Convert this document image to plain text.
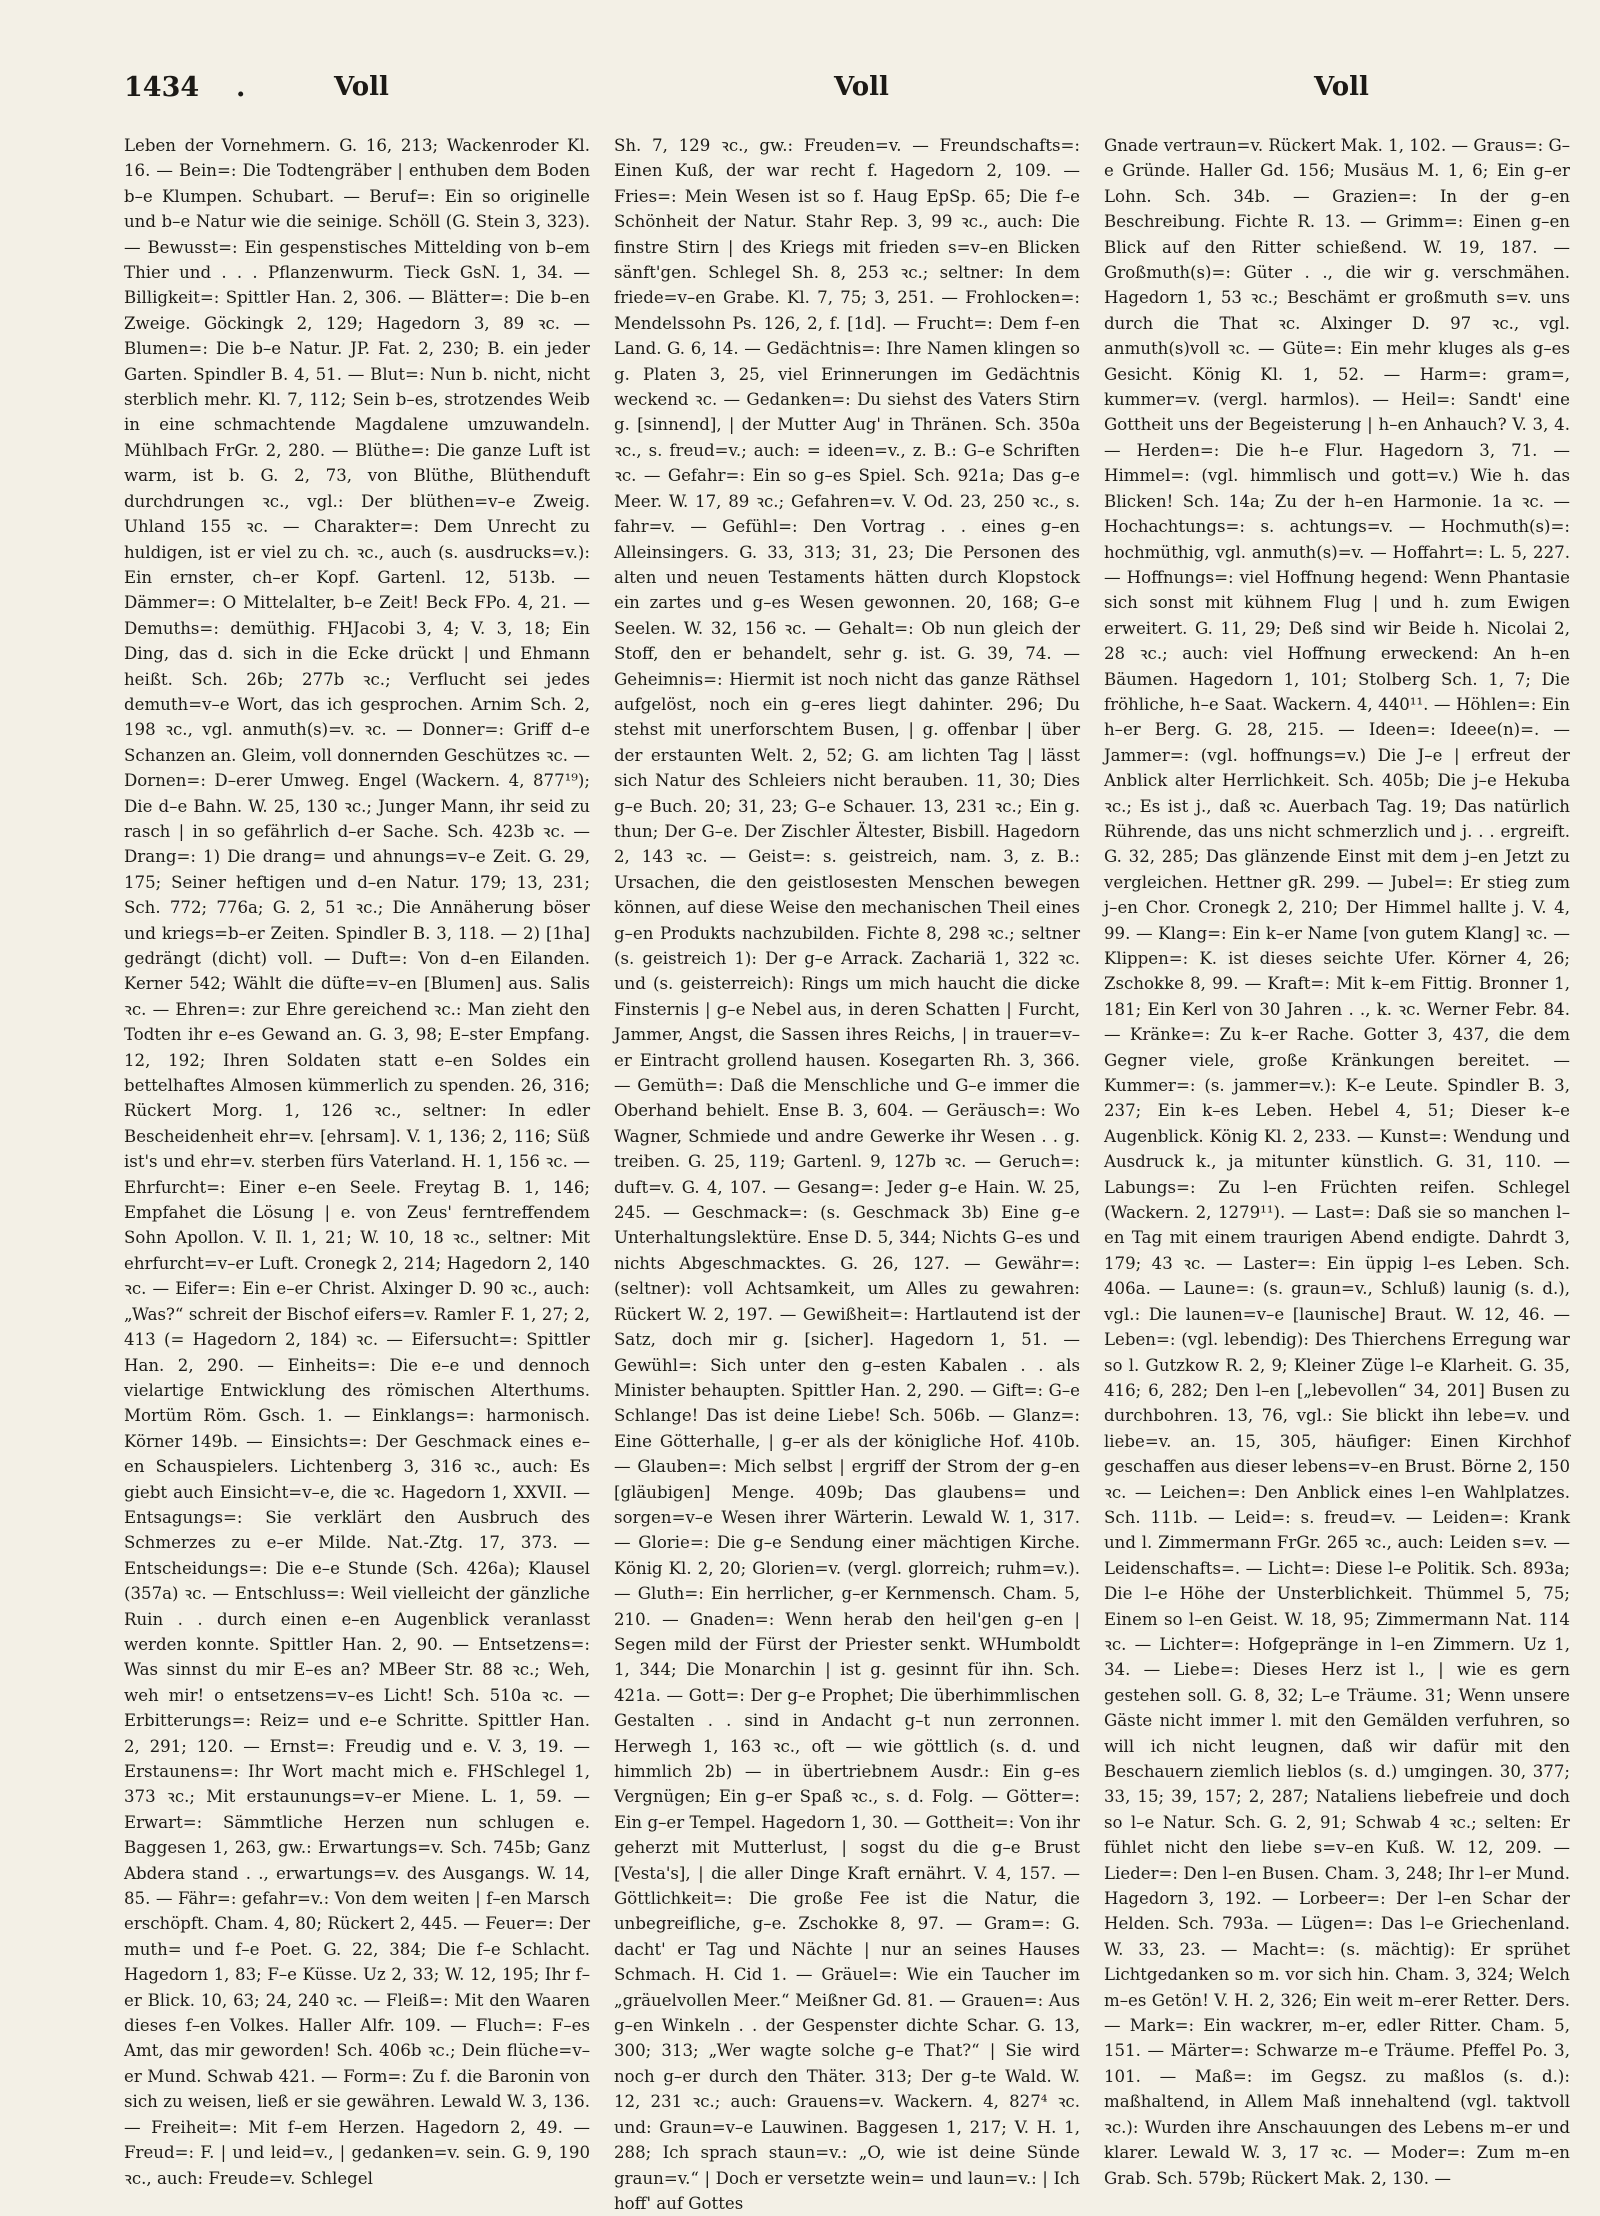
1434 .	Voll	Voll	Voll

Leben der Vornehmern. G. 16, 213; Wackenroder Kl. 16. — Bein=: Die Todtengräber | enthuben dem Boden b–e Klumpen. Schubart. — Beruf=: Ein so originelle und b–e Natur wie die seinige. Schöll (G. Stein 3, 323). — Bewusst=: Ein gespenstisches Mittelding von b–em Thier und . . . Pflanzenwurm. Tieck GsN. 1, 34. — Billigkeit=: Spittler Han. 2, 306. — Blätter=: Die b–en Zweige. Göckingk 2, 129; Hagedorn 3, 89 ꝛc. — Blumen=: Die b–e Natur. JP. Fat. 2, 230; B. ein jeder Garten. Spindler B. 4, 51. — Blut=: Nun b. nicht, nicht sterblich mehr. Kl. 7, 112; Sein b–es, strotzendes Weib in eine schmachtende Magdalene umzuwandeln. Mühlbach FrGr. 2, 280. — Blüthe=: Die ganze Luft ist warm, ist b. G. 2, 73, von Blüthe, Blüthenduft durchdrungen ꝛc., vgl.: Der blüthen=v–e Zweig. Uhland 155 ꝛc. — Charakter=: Dem Unrecht zu huldigen, ist er viel zu ch. ꝛc., auch (s. ausdrucks=v.): Ein ernster, ch–er Kopf. Gartenl. 12, 513b. — Dämmer=: O Mittelalter, b–e Zeit! Beck FPo. 4, 21. — Demuths=: demüthig. FHJacobi 3, 4; V. 3, 18; Ein Ding, das d. sich in die Ecke drückt | und Ehmann heißt. Sch. 26b; 277b ꝛc.; Verflucht sei jedes demuth=v–e Wort, das ich gesprochen. Arnim Sch. 2, 198 ꝛc., vgl. anmuth(s)=v. ꝛc. — Donner=: Griff d–e Schanzen an. Gleim, voll donnernden Geschützes ꝛc. — Dornen=: D–erer Umweg. Engel (Wackern. 4, 877¹⁹); Die d–e Bahn. W. 25, 130 ꝛc.; Junger Mann, ihr seid zu rasch | in so gefährlich d–er Sache. Sch. 423b ꝛc. — Drang=: 1) Die drang= und ahnungs=v–e Zeit. G. 29, 175; Seiner heftigen und d–en Natur. 179; 13, 231; Sch. 772; 776a; G. 2, 51 ꝛc.; Die Annäherung böser und kriegs=b–er Zeiten. Spindler B. 3, 118. — 2) [1ha] gedrängt (dicht) voll. — Duft=: Von d–en Eilanden. Kerner 542; Wählt die düfte=v–en [Blumen] aus. Salis ꝛc. — Ehren=: zur Ehre gereichend ꝛc.: Man zieht den Todten ihr e–es Gewand an. G. 3, 98; E–ster Empfang. 12, 192; Ihren Soldaten statt e–en Soldes ein bettelhaftes Almosen kümmerlich zu spenden. 26, 316; Rückert Morg. 1, 126 ꝛc., seltner: In edler Bescheidenheit ehr=v. [ehrsam]. V. 1, 136; 2, 116; Süß ist's und ehr=v. sterben fürs Vaterland. H. 1, 156 ꝛc. — Ehrfurcht=: Einer e–en Seele. Freytag B. 1, 146; Empfahet die Lösung | e. von Zeus' ferntreffendem Sohn Apollon. V. Il. 1, 21; W. 10, 18 ꝛc., seltner: Mit ehrfurcht=v–er Luft. Cronegk 2, 214; Hagedorn 2, 140 ꝛc. — Eifer=: Ein e–er Christ. Alxinger D. 90 ꝛc., auch: „Was?“ schreit der Bischof eifers=v. Ramler F. 1, 27; 2, 413 (= Hagedorn 2, 184) ꝛc. — Eifersucht=: Spittler Han. 2, 290. — Einheits=: Die e–e und dennoch vielartige Entwicklung des römischen Alterthums. Mortüm Röm. Gsch. 1. — Einklangs=: harmonisch. Körner 149b. — Einsichts=: Der Geschmack eines e–en Schauspielers. Lichtenberg 3, 316 ꝛc., auch: Es giebt auch Einsicht=v–e, die ꝛc. Hagedorn 1, XXVII. — Entsagungs=: Sie verklärt den Ausbruch des Schmerzes zu e–er Milde. Nat.-Ztg. 17, 373. — Entscheidungs=: Die e–e Stunde (Sch. 426a); Klausel (357a) ꝛc. — Entschluss=: Weil vielleicht der gänzliche Ruin . . durch einen e–en Augenblick veranlasst werden konnte. Spittler Han. 2, 90. — Entsetzens=: Was sinnst du mir E–es an? MBeer Str. 88 ꝛc.; Weh, weh mir! o entsetzens=v–es Licht! Sch. 510a ꝛc. — Erbitterungs=: Reiz= und e–e Schritte. Spittler Han. 2, 291; 120. — Ernst=: Freudig und e. V. 3, 19. — Erstaunens=: Ihr Wort macht mich e. FHSchlegel 1, 373 ꝛc.; Mit erstaunungs=v–er Miene. L. 1, 59. — Erwart=: Sämmtliche Herzen nun schlugen e. Baggesen 1, 263, gw.: Erwartungs=v. Sch. 745b; Ganz Abdera stand . ., erwartungs=v. des Ausgangs. W. 14, 85. — Fähr=: gefahr=v.: Von dem weiten | f–en Marsch erschöpft. Cham. 4, 80; Rückert 2, 445. — Feuer=: Der muth= und f–e Poet. G. 22, 384; Die f–e Schlacht. Hagedorn 1, 83; F–e Küsse. Uz 2, 33; W. 12, 195; Ihr f–er Blick. 10, 63; 24, 240 ꝛc. — Fleiß=: Mit den Waaren dieses f–en Volkes. Haller Alfr. 109. — Fluch=: F–es Amt, das mir geworden! Sch. 406b ꝛc.; Dein flüche=v–er Mund. Schwab 421. — Form=: Zu f. die Baronin von sich zu weisen, ließ er sie gewähren. Lewald W. 3, 136. — Freiheit=: Mit f–em Herzen. Hagedorn 2, 49. — Freud=: F. | und leid=v., | gedanken=v. sein. G. 9, 190 ꝛc., auch: Freude=v. Schlegel

Sh. 7, 129 ꝛc., gw.: Freuden=v. — Freundschafts=: Einen Kuß, der war recht f. Hagedorn 2, 109. — Fries=: Mein Wesen ist so f. Haug EpSp. 65; Die f–e Schönheit der Natur. Stahr Rep. 3, 99 ꝛc., auch: Die finstre Stirn | des Kriegs mit frieden s=v–en Blicken sänft'gen. Schlegel Sh. 8, 253 ꝛc.; seltner: In dem friede=v–en Grabe. Kl. 7, 75; 3, 251. — Frohlocken=: Mendelssohn Ps. 126, 2, f. [1d]. — Frucht=: Dem f–en Land. G. 6, 14. — Gedächtnis=: Ihre Namen klingen so g. Platen 3, 25, viel Erinnerungen im Gedächtnis weckend ꝛc. — Gedanken=: Du siehst des Vaters Stirn g. [sinnend], | der Mutter Aug' in Thränen. Sch. 350a ꝛc., s. freud=v.; auch: = ideen=v., z. B.: G–e Schriften ꝛc. — Gefahr=: Ein so g–es Spiel. Sch. 921a; Das g–e Meer. W. 17, 89 ꝛc.; Gefahren=v. V. Od. 23, 250 ꝛc., s. fahr=v. — Gefühl=: Den Vortrag . . eines g–en Alleinsingers. G. 33, 313; 31, 23; Die Personen des alten und neuen Testaments hätten durch Klopstock ein zartes und g–es Wesen gewonnen. 20, 168; G–e Seelen. W. 32, 156 ꝛc. — Gehalt=: Ob nun gleich der Stoff, den er behandelt, sehr g. ist. G. 39, 74. — Geheimnis=: Hiermit ist noch nicht das ganze Räthsel aufgelöst, noch ein g–eres liegt dahinter. 296; Du stehst mit unerforschtem Busen, | g. offenbar | über der erstaunten Welt. 2, 52; G. am lichten Tag | lässt sich Natur des Schleiers nicht berauben. 11, 30; Dies g–e Buch. 20; 31, 23; G–e Schauer. 13, 231 ꝛc.; Ein g. thun; Der G–e. Der Zischler Ältester, Bisbill. Hagedorn 2, 143 ꝛc. — Geist=: s. geistreich, nam. 3, z. B.: Ursachen, die den geistlosesten Menschen bewegen können, auf diese Weise den mechanischen Theil eines g–en Produkts nachzubilden. Fichte 8, 298 ꝛc.; seltner (s. geistreich 1): Der g–e Arrack. Zachariä 1, 322 ꝛc. und (s. geisterreich): Rings um mich haucht die dicke Finsternis | g–e Nebel aus, in deren Schatten | Furcht, Jammer, Angst, die Sassen ihres Reichs, | in trauer=v–er Eintracht grollend hausen. Kosegarten Rh. 3, 366. — Gemüth=: Daß die Menschliche und G–e immer die Oberhand behielt. Ense B. 3, 604. — Geräusch=: Wo Wagner, Schmiede und andre Gewerke ihr Wesen . . g. treiben. G. 25, 119; Gartenl. 9, 127b ꝛc. — Geruch=: duft=v. G. 4, 107. — Gesang=: Jeder g–e Hain. W. 25, 245. — Geschmack=: (s. Geschmack 3b) Eine g–e Unterhaltungslektüre. Ense D. 5, 344; Nichts G–es und nichts Abgeschmacktes. G. 26, 127. — Gewähr=: (seltner): voll Achtsamkeit, um Alles zu gewahren: Rückert W. 2, 197. — Gewißheit=: Hartlautend ist der Satz, doch mir g. [sicher]. Hagedorn 1, 51. — Gewühl=: Sich unter den g–esten Kabalen . . als Minister behaupten. Spittler Han. 2, 290. — Gift=: G–e Schlange! Das ist deine Liebe! Sch. 506b. — Glanz=: Eine Götterhalle, | g–er als der königliche Hof. 410b. — Glauben=: Mich selbst | ergriff der Strom der g–en [gläubigen] Menge. 409b; Das glaubens= und sorgen=v–e Wesen ihrer Wärterin. Lewald W. 1, 317. — Glorie=: Die g–e Sendung einer mächtigen Kirche. König Kl. 2, 20; Glorien=v. (vergl. glorreich; ruhm=v.). — Gluth=: Ein herrlicher, g–er Kernmensch. Cham. 5, 210. — Gnaden=: Wenn herab den heil'gen g–en | Segen mild der Fürst der Priester senkt. WHumboldt 1, 344; Die Monarchin | ist g. gesinnt für ihn. Sch. 421a. — Gott=: Der g–e Prophet; Die überhimmlischen Gestalten . . sind in Andacht g–t nun zerronnen. Herwegh 1, 163 ꝛc., oft — wie göttlich (s. d. und himmlich 2b) — in übertriebnem Ausdr.: Ein g–es Vergnügen; Ein g–er Spaß ꝛc., s. d. Folg. — Götter=: Ein g–er Tempel. Hagedorn 1, 30. — Gottheit=: Von ihr geherzt mit Mutterlust, | sogst du die g–e Brust [Vesta's], | die aller Dinge Kraft ernährt. V. 4, 157. — Göttlichkeit=: Die große Fee ist die Natur, die unbegreifliche, g–e. Zschokke 8, 97. — Gram=: G. dacht' er Tag und Nächte | nur an seines Hauses Schmach. H. Cid 1. — Gräuel=: Wie ein Taucher im „gräuelvollen Meer.“ Meißner Gd. 81. — Grauen=: Aus g–en Winkeln . . der Gespenster dichte Schar. G. 13, 300; 313; „Wer wagte solche g–e That?“ | Sie wird noch g–er durch den Thäter. 313; Der g–te Wald. W. 12, 231 ꝛc.; auch: Grauens=v. Wackern. 4, 827⁴ ꝛc. und: Graun=v–e Lauwinen. Baggesen 1, 217; V. H. 1, 288; Ich sprach staun=v.: „O, wie ist deine Sünde graun=v.“ | Doch er versetzte wein= und laun=v.: | Ich hoff' auf Gottes

Gnade vertraun=v. Rückert Mak. 1, 102. — Graus=: G–e Gründe. Haller Gd. 156; Musäus M. 1, 6; Ein g–er Lohn. Sch. 34b. — Grazien=: In der g–en Beschreibung. Fichte R. 13. — Grimm=: Einen g–en Blick auf den Ritter schießend. W. 19, 187. — Großmuth(s)=: Güter . ., die wir g. verschmähen. Hagedorn 1, 53 ꝛc.; Beschämt er großmuth s=v. uns durch die That ꝛc. Alxinger D. 97 ꝛc., vgl. anmuth(s)voll ꝛc. — Güte=: Ein mehr kluges als g–es Gesicht. König Kl. 1, 52. — Harm=: gram=, kummer=v. (vergl. harmlos). — Heil=: Sandt' eine Gottheit uns der Begeisterung | h–en Anhauch? V. 3, 4. — Herden=: Die h–e Flur. Hagedorn 3, 71. — Himmel=: (vgl. himmlisch und gott=v.) Wie h. das Blicken! Sch. 14a; Zu der h–en Harmonie. 1a ꝛc. — Hochachtungs=: s. achtungs=v. — Hochmuth(s)=: hochmüthig, vgl. anmuth(s)=v. — Hoffahrt=: L. 5, 227. — Hoffnungs=: viel Hoffnung hegend: Wenn Phantasie sich sonst mit kühnem Flug | und h. zum Ewigen erweitert. G. 11, 29; Deß sind wir Beide h. Nicolai 2, 28 ꝛc.; auch: viel Hoffnung erweckend: An h–en Bäumen. Hagedorn 1, 101; Stolberg Sch. 1, 7; Die fröhliche, h–e Saat. Wackern. 4, 440¹¹. — Höhlen=: Ein h–er Berg. G. 28, 215. — Ideen=: Ideee(n)=. — Jammer=: (vgl. hoffnungs=v.) Die J–e | erfreut der Anblick alter Herrlichkeit. Sch. 405b; Die j–e Hekuba ꝛc.; Es ist j., daß ꝛc. Auerbach Tag. 19; Das natürlich Rührende, das uns nicht schmerzlich und j. . . ergreift. G. 32, 285; Das glänzende Einst mit dem j–en Jetzt zu vergleichen. Hettner gR. 299. — Jubel=: Er stieg zum j–en Chor. Cronegk 2, 210; Der Himmel hallte j. V. 4, 99. — Klang=: Ein k–er Name [von gutem Klang] ꝛc. — Klippen=: K. ist dieses seichte Ufer. Körner 4, 26; Zschokke 8, 99. — Kraft=: Mit k–em Fittig. Bronner 1, 181; Ein Kerl von 30 Jahren . ., k. ꝛc. Werner Febr. 84. — Kränke=: Zu k–er Rache. Gotter 3, 437, die dem Gegner viele, große Kränkungen bereitet. — Kummer=: (s. jammer=v.): K–e Leute. Spindler B. 3, 237; Ein k–es Leben. Hebel 4, 51; Dieser k–e Augenblick. König Kl. 2, 233. — Kunst=: Wendung und Ausdruck k., ja mitunter künstlich. G. 31, 110. — Labungs=: Zu l–en Früchten reifen. Schlegel (Wackern. 2, 1279¹¹). — Last=: Daß sie so manchen l–en Tag mit einem traurigen Abend endigte. Dahrdt 3, 179; 43 ꝛc. — Laster=: Ein üppig l–es Leben. Sch. 406a. — Laune=: (s. graun=v., Schluß) launig (s. d.), vgl.: Die launen=v–e [launische] Braut. W. 12, 46. — Leben=: (vgl. lebendig): Des Thierchens Erregung war so l. Gutzkow R. 2, 9; Kleiner Züge l–e Klarheit. G. 35, 416; 6, 282; Den l–en [„lebevollen“ 34, 201] Busen zu durchbohren. 13, 76, vgl.: Sie blickt ihn lebe=v. und liebe=v. an. 15, 305, häufiger: Einen Kirchhof geschaffen aus dieser lebens=v–en Brust. Börne 2, 150 ꝛc. — Leichen=: Den Anblick eines l–en Wahlplatzes. Sch. 111b. — Leid=: s. freud=v. — Leiden=: Krank und l. Zimmermann FrGr. 265 ꝛc., auch: Leiden s=v. — Leidenschafts=. — Licht=: Diese l–e Politik. Sch. 893a; Die l–e Höhe der Unsterblichkeit. Thümmel 5, 75; Einem so l–en Geist. W. 18, 95; Zimmermann Nat. 114 ꝛc. — Lichter=: Hofgepränge in l–en Zimmern. Uz 1, 34. — Liebe=: Dieses Herz ist l., | wie es gern gestehen soll. G. 8, 32; L–e Träume. 31; Wenn unsere Gäste nicht immer l. mit den Gemälden verfuhren, so will ich nicht leugnen, daß wir dafür mit den Beschauern ziemlich lieblos (s. d.) umgingen. 30, 377; 33, 15; 39, 157; 2, 287; Nataliens liebefreie und doch so l–e Natur. Sch. G. 2, 91; Schwab 4 ꝛc.; selten: Er fühlet nicht den liebe s=v–en Kuß. W. 12, 209. — Lieder=: Den l–en Busen. Cham. 3, 248; Ihr l–er Mund. Hagedorn 3, 192. — Lorbeer=: Der l–en Schar der Helden. Sch. 793a. — Lügen=: Das l–e Griechenland. W. 33, 23. — Macht=: (s. mächtig): Er sprühet Lichtgedanken so m. vor sich hin. Cham. 3, 324; Welch m–es Getön! V. H. 2, 326; Ein weit m–erer Retter. Ders. — Mark=: Ein wackrer, m–er, edler Ritter. Cham. 5, 151. — Märter=: Schwarze m–e Träume. Pfeffel Po. 3, 101. — Maß=: im Gegsz. zu maßlos (s. d.): maßhaltend, in Allem Maß innehaltend (vgl. taktvoll ꝛc.): Wurden ihre Anschauungen des Lebens m–er und klarer. Lewald W. 3, 17 ꝛc. — Moder=: Zum m–en Grab. Sch. 579b; Rückert Mak. 2, 130. —
